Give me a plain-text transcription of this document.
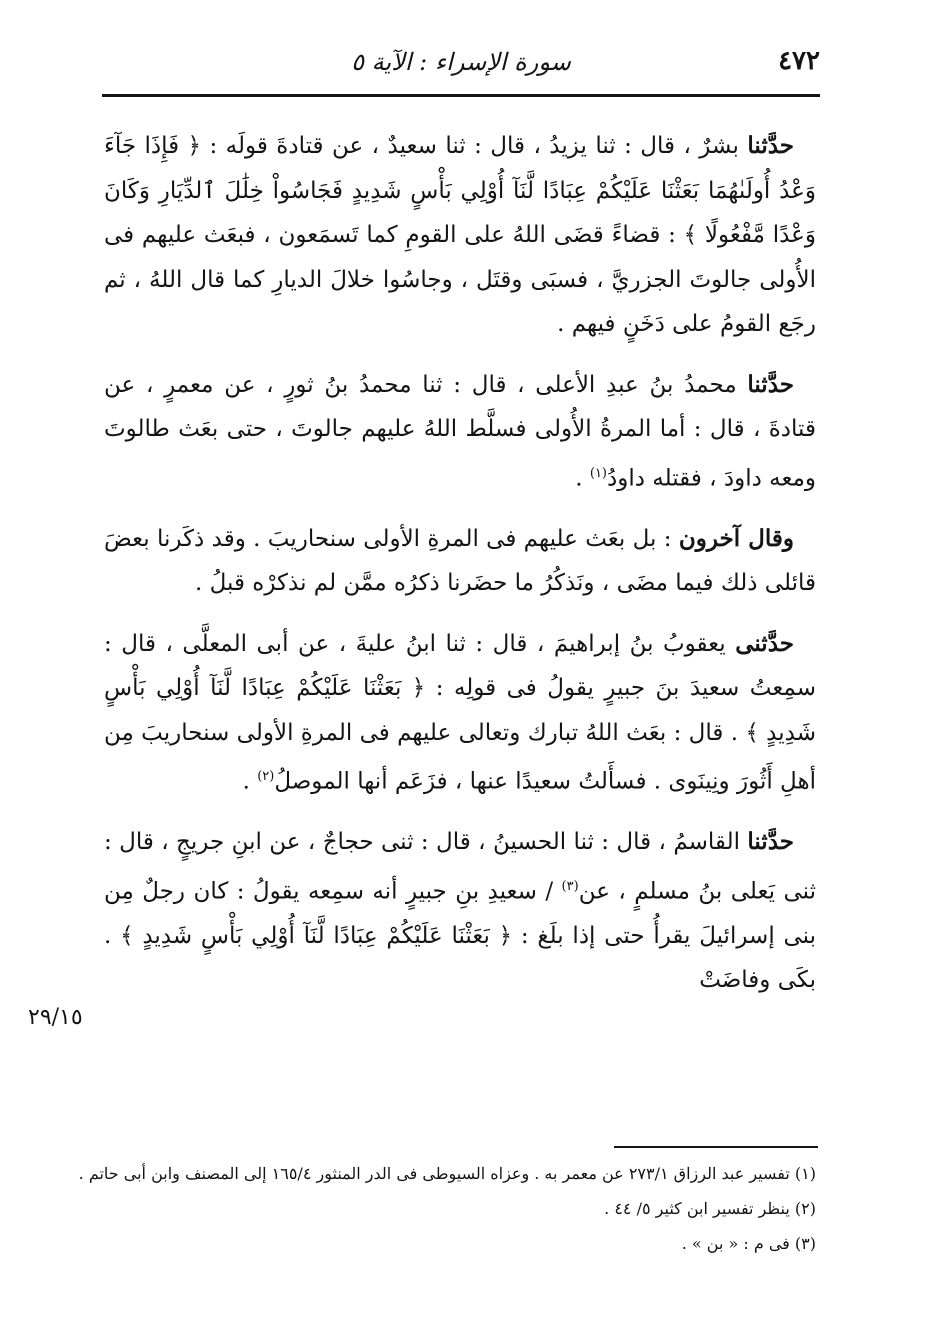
٤٧٢
سورة الإسراء : الآية ٥

حدَّثنا بشرٌ ، قال : ثنا يزيدُ ، قال : ثنا سعيدٌ ، عن قتادةَ قولَه : ﴿ فَإِذَا جَآءَ وَعْدُ أُولَىٰهُمَا بَعَثْنَا عَلَيْكُمْ عِبَادًا لَّنَآ أُوْلِي بَأْسٍ شَدِيدٍ فَجَاسُواْ خِلَٰلَ ٱلدِّيَارِ وَكَانَ وَعْدًا مَّفْعُولًا ﴾ : قضاءً قضَى اللهُ على القومِ كما تَسمَعون ، فبعَث عليهم فى الأُولى جالوتَ الجزريَّ ، فسبَى وقتَل ، وجاسُوا خلالَ الديارِ كما قال اللهُ ، ثم رجَع القومُ على دَخَنٍ فيهم .

حدَّثنا محمدُ بنُ عبدِ الأعلى ، قال : ثنا محمدُ بنُ ثورٍ ، عن معمرٍ ، عن قتادةَ ، قال : أما المرةُ الأُولى فسلَّط اللهُ عليهم جالوتَ ، حتى بعَث طالوتَ ومعه داودَ ، فقتله داودُ$^{(١)}$ .

وقال آخرون : بل بعَث عليهم فى المرةِ الأولى سنحاريبَ . وقد ذكَرنا بعضَ قائلى ذلك فيما مضَى ، ونَذكُرُ ما حضَرنا ذكرُه ممَّن لم نذكرْه قبلُ .

حدَّثنى يعقوبُ بنُ إبراهيمَ ، قال : ثنا ابنُ عليةَ ، عن أبى المعلَّى ، قال : سمِعتُ سعيدَ بنَ جبيرٍ يقولُ فى قولِه : ﴿ بَعَثْنَا عَلَيْكُمْ عِبَادًا لَّنَآ أُوْلِي بَأْسٍ شَدِيدٍ ﴾ . قال : بعَث اللهُ تبارك وتعالى عليهم فى المرةِ الأولى سنحاريبَ مِن أهلِ أَثُورَ ونِينَوى . فسأَلتُ سعيدًا عنها ، فزَعَم أنها الموصلُ$^{(٢)}$ .

حدَّثنا القاسمُ ، قال : ثنا الحسينُ ، قال : ثنى حجاجٌ ، عن ابنِ جريجٍ ، قال : ثنى يَعلى بنُ مسلمٍ ، عن$^{(٣)}$ / سعيدِ بنِ جبيرٍ أنه سمِعه يقولُ : كان رجلٌ مِن بنى إسرائيلَ يقرأُ حتى إذا بلَغ : ﴿ بَعَثْنَا عَلَيْكُمْ عِبَادًا لَّنَآ أُوْلِي بَأْسٍ شَدِيدٍ ﴾ . بكَى وفاضَتْ

٢٩/١٥

(١) تفسير عبد الرزاق ٢٧٣/١ عن معمر به . وعزاه السيوطى فى الدر المنثور ١٦٥/٤ إلى المصنف وابن أبى حاتم .

(٢) ينظر تفسير ابن كثير ٥/ ٤٤ .

(٣) فى م : « بن » .
